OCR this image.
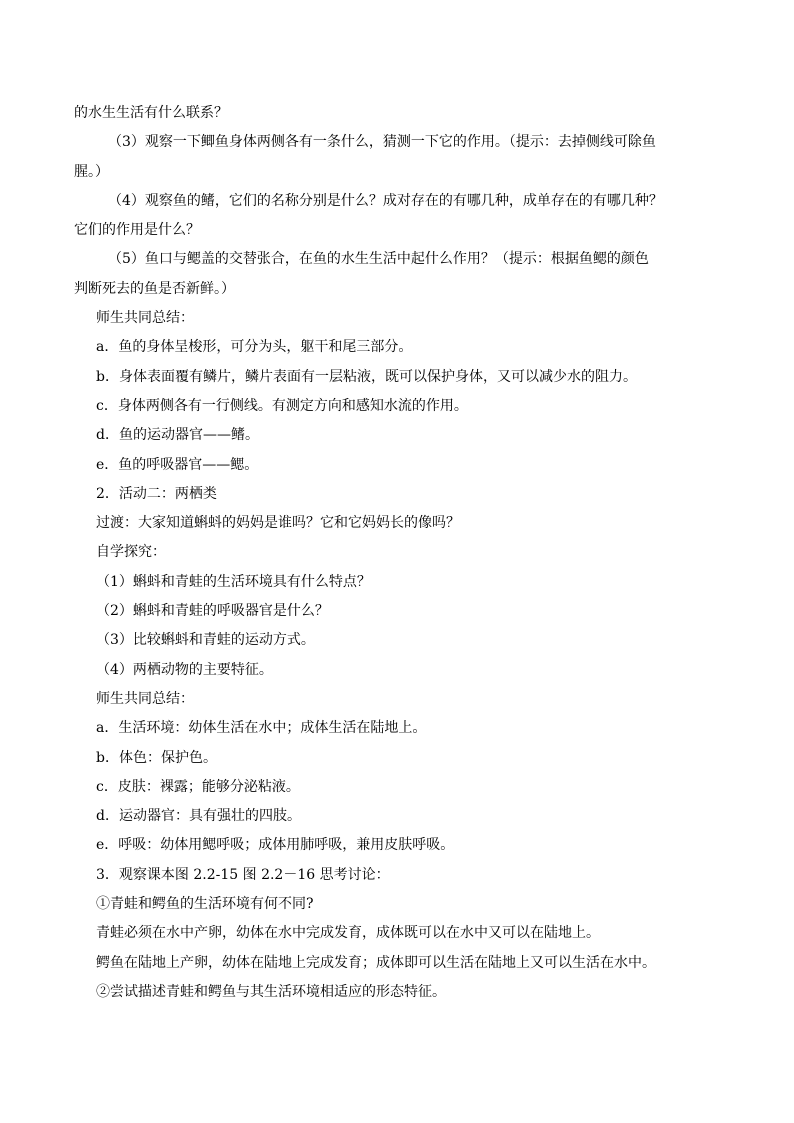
的水生生活有什么联系？
（3）观察一下鲫鱼身体两侧各有一条什么，猜测一下它的作用。（提示：去掉侧线可除鱼
腥。）
（4）观察鱼的鳍，它们的名称分别是什么？成对存在的有哪几种，成单存在的有哪几种？
它们的作用是什么？
（5）鱼口与鳃盖的交替张合，在鱼的水生生活中起什么作用？（提示：根据鱼鳃的颜色
判断死去的鱼是否新鲜。）
师生共同总结：
a．鱼的身体呈梭形，可分为头，躯干和尾三部分。
b．身体表面覆有鳞片，鳞片表面有一层粘液，既可以保护身体，又可以减少水的阻力。
c．身体两侧各有一行侧线。有测定方向和感知水流的作用。
d．鱼的运动器官——鳍。
e．鱼的呼吸器官——鳃。
2．活动二：两栖类
过渡：大家知道蝌蚪的妈妈是谁吗？它和它妈妈长的像吗？
自学探究：
（1）蝌蚪和青蛙的生活环境具有什么特点？
（2）蝌蚪和青蛙的呼吸器官是什么？
（3）比较蝌蚪和青蛙的运动方式。
（4）两栖动物的主要特征。
师生共同总结：
a．生活环境：幼体生活在水中；成体生活在陆地上。
b．体色：保护色。
c．皮肤：裸露；能够分泌粘液。
d．运动器官：具有强壮的四肢。
e．呼吸：幼体用鳃呼吸；成体用肺呼吸，兼用皮肤呼吸。
3．观察课本图 2.2-15 图 2.2－16 思考讨论：
①青蛙和鳄鱼的生活环境有何不同?
青蛙必须在水中产卵，幼体在水中完成发育，成体既可以在水中又可以在陆地上。
鳄鱼在陆地上产卵，幼体在陆地上完成发育；成体即可以生活在陆地上又可以生活在水中。
②尝试描述青蛙和鳄鱼与其生活环境相适应的形态特征。
